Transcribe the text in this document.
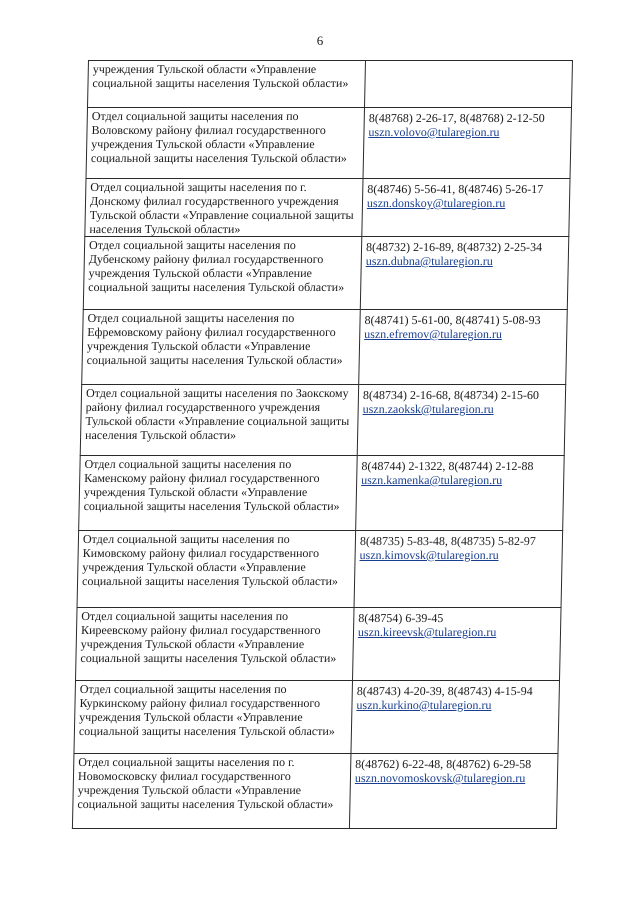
6
учреждения Тульской области «Управление социальной защиты населения Тульской области»	
Отдел социальной защиты населения по Воловскому району филиал государственного учреждения Тульской области «Управление социальной защиты населения Тульской области»	8(48768) 2-26-17, 8(48768) 2-12-50
uszn.volovo@tularegion.ru

Отдел социальной защиты населения по г. Донскому филиал государственного учреждения Тульской области «Управление социальной защиты населения Тульской области»	8(48746) 5-56-41, 8(48746) 5-26-17
uszn.donskoy@tularegion.ru

Отдел социальной защиты населения по Дубенскому району филиал государственного учреждения Тульской области «Управление социальной защиты населения Тульской области»	8(48732) 2-16-89, 8(48732) 2-25-34
uszn.dubna@tularegion.ru

Отдел социальной защиты населения по Ефремовскому району филиал государственного учреждения Тульской области «Управление социальной защиты населения Тульской области»	8(48741) 5-61-00, 8(48741) 5-08-93
uszn.efremov@tularegion.ru

Отдел социальной защиты населения по Заокскому району филиал государственного учреждения Тульской области «Управление социальной защиты населения Тульской области»	8(48734) 2-16-68, 8(48734) 2-15-60
uszn.zaoksk@tularegion.ru

Отдел социальной защиты населения по Каменскому району филиал государственного учреждения Тульской области «Управление социальной защиты населения Тульской области»	8(48744) 2-1322, 8(48744) 2-12-88
uszn.kamenka@tularegion.ru

Отдел социальной защиты населения по Кимовскому району филиал государственного учреждения Тульской области «Управление социальной защиты населения Тульской области»	8(48735) 5-83-48, 8(48735) 5-82-97
uszn.kimovsk@tularegion.ru

Отдел социальной защиты населения по Киреевскому району филиал государственного учреждения Тульской области «Управление социальной защиты населения Тульской области»	8(48754) 6-39-45
uszn.kireevsk@tularegion.ru

Отдел социальной защиты населения по Куркинскому району филиал государственного учреждения Тульской области «Управление социальной защиты населения Тульской области»	8(48743) 4-20-39, 8(48743) 4-15-94
uszn.kurkino@tularegion.ru

Отдел социальной защиты населения по г. Новомосковску филиал государственного учреждения Тульской области «Управление социальной защиты населения Тульской области»	8(48762) 6-22-48, 8(48762) 6-29-58
uszn.novomoskovsk@tularegion.ru
